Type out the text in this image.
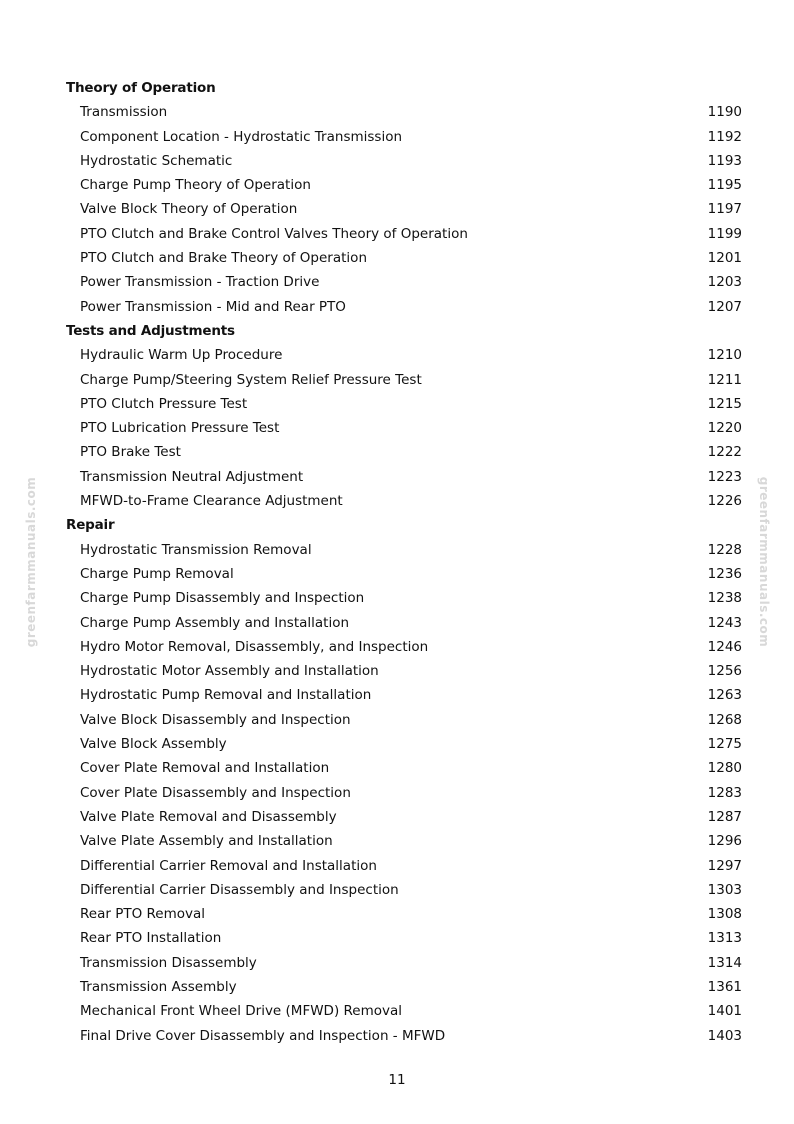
greenfarmmanuals.com	greenfarmmanuals.com
Theory of Operation
Transmission	1190
Component Location - Hydrostatic Transmission	1192
Hydrostatic Schematic	1193
Charge Pump Theory of Operation	1195
Valve Block Theory of Operation	1197
PTO Clutch and Brake Control Valves Theory of Operation	1199
PTO Clutch and Brake Theory of Operation	1201
Power Transmission - Traction Drive	1203
Power Transmission - Mid and Rear PTO	1207
Tests and Adjustments
Hydraulic Warm Up Procedure	1210
Charge Pump/Steering System Relief Pressure Test	1211
PTO Clutch Pressure Test	1215
PTO Lubrication Pressure Test	1220
PTO Brake Test	1222
Transmission Neutral Adjustment	1223
MFWD-to-Frame Clearance Adjustment	1226
Repair
Hydrostatic Transmission Removal	1228
Charge Pump Removal	1236
Charge Pump Disassembly and Inspection	1238
Charge Pump Assembly and Installation	1243
Hydro Motor Removal, Disassembly, and Inspection	1246
Hydrostatic Motor Assembly and Installation	1256
Hydrostatic Pump Removal and Installation	1263
Valve Block Disassembly and Inspection	1268
Valve Block Assembly	1275
Cover Plate Removal and Installation	1280
Cover Plate Disassembly and Inspection	1283
Valve Plate Removal and Disassembly	1287
Valve Plate Assembly and Installation	1296
Differential Carrier Removal and Installation	1297
Differential Carrier Disassembly and Inspection	1303
Rear PTO Removal	1308
Rear PTO Installation	1313
Transmission Disassembly	1314
Transmission Assembly	1361
Mechanical Front Wheel Drive (MFWD) Removal	1401
Final Drive Cover Disassembly and Inspection - MFWD	1403
11
